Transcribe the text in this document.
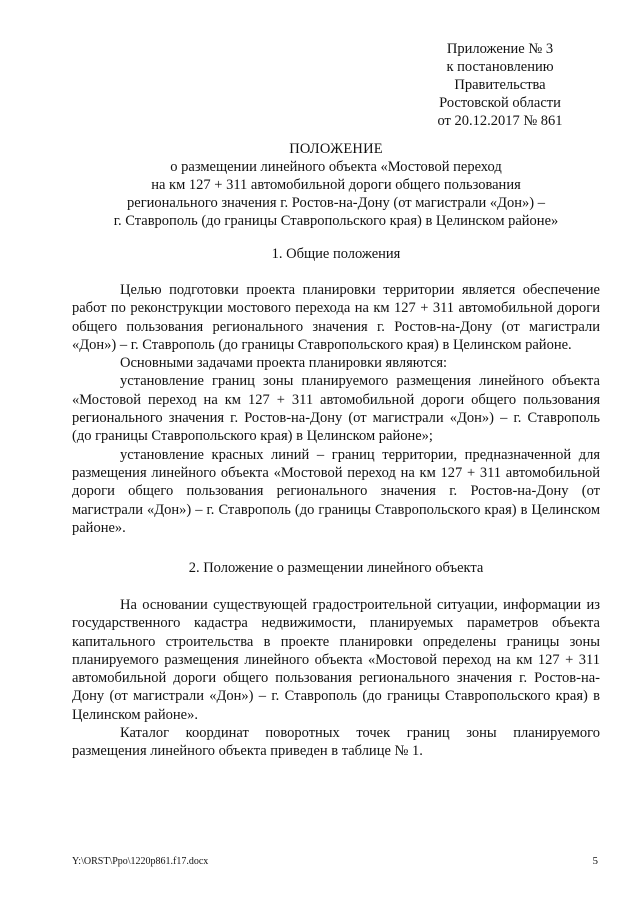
Приложение № 3
к постановлению
Правительства
Ростовской области
от 20.12.2017 № 861
ПОЛОЖЕНИЕ
о размещении линейного объекта «Мостовой переход
на км 127 + 311 автомобильной дороги общего пользования
регионального значения г. Ростов-на-Дону (от магистрали «Дон») –
г. Ставрополь (до границы Ставропольского края) в Целинском районе»
1. Общие положения

Целью подготовки проекта планировки территории является обеспечение работ по реконструкции мостового перехода на км 127 + 311 автомобильной дороги общего пользования регионального значения г. Ростов-на-Дону (от магистрали «Дон») – г. Ставрополь (до границы Ставропольского края) в Целинском районе.

Основными задачами проекта планировки являются:

установление границ зоны планируемого размещения линейного объекта «Мостовой переход на км 127 + 311 автомобильной дороги общего пользования регионального значения г. Ростов-на-Дону (от магистрали «Дон») – г. Ставрополь (до границы Ставропольского края) в Целинском районе»;

установление красных линий – границ территории, предназначенной для размещения линейного объекта «Мостовой переход на км 127 + 311 автомобильной дороги общего пользования регионального значения г. Ростов-на-Дону (от магистрали «Дон») – г. Ставрополь (до границы Ставропольского края) в Целинском районе».

2. Положение о размещении линейного объекта

На основании существующей градостроительной ситуации, информации из государственного кадастра недвижимости, планируемых параметров объекта капитального строительства в проекте планировки определены границы зоны планируемого размещения линейного объекта «Мостовой переход на км 127 + 311 автомобильной дороги общего пользования регионального значения г. Ростов-на-Дону (от магистрали «Дон») – г. Ставрополь (до границы Ставропольского края) в Целинском районе».

Каталог координат поворотных точек границ зоны планируемого размещения линейного объекта приведен в таблице № 1.

Y:\ORST\Ppo\1220p861.f17.docx	5
